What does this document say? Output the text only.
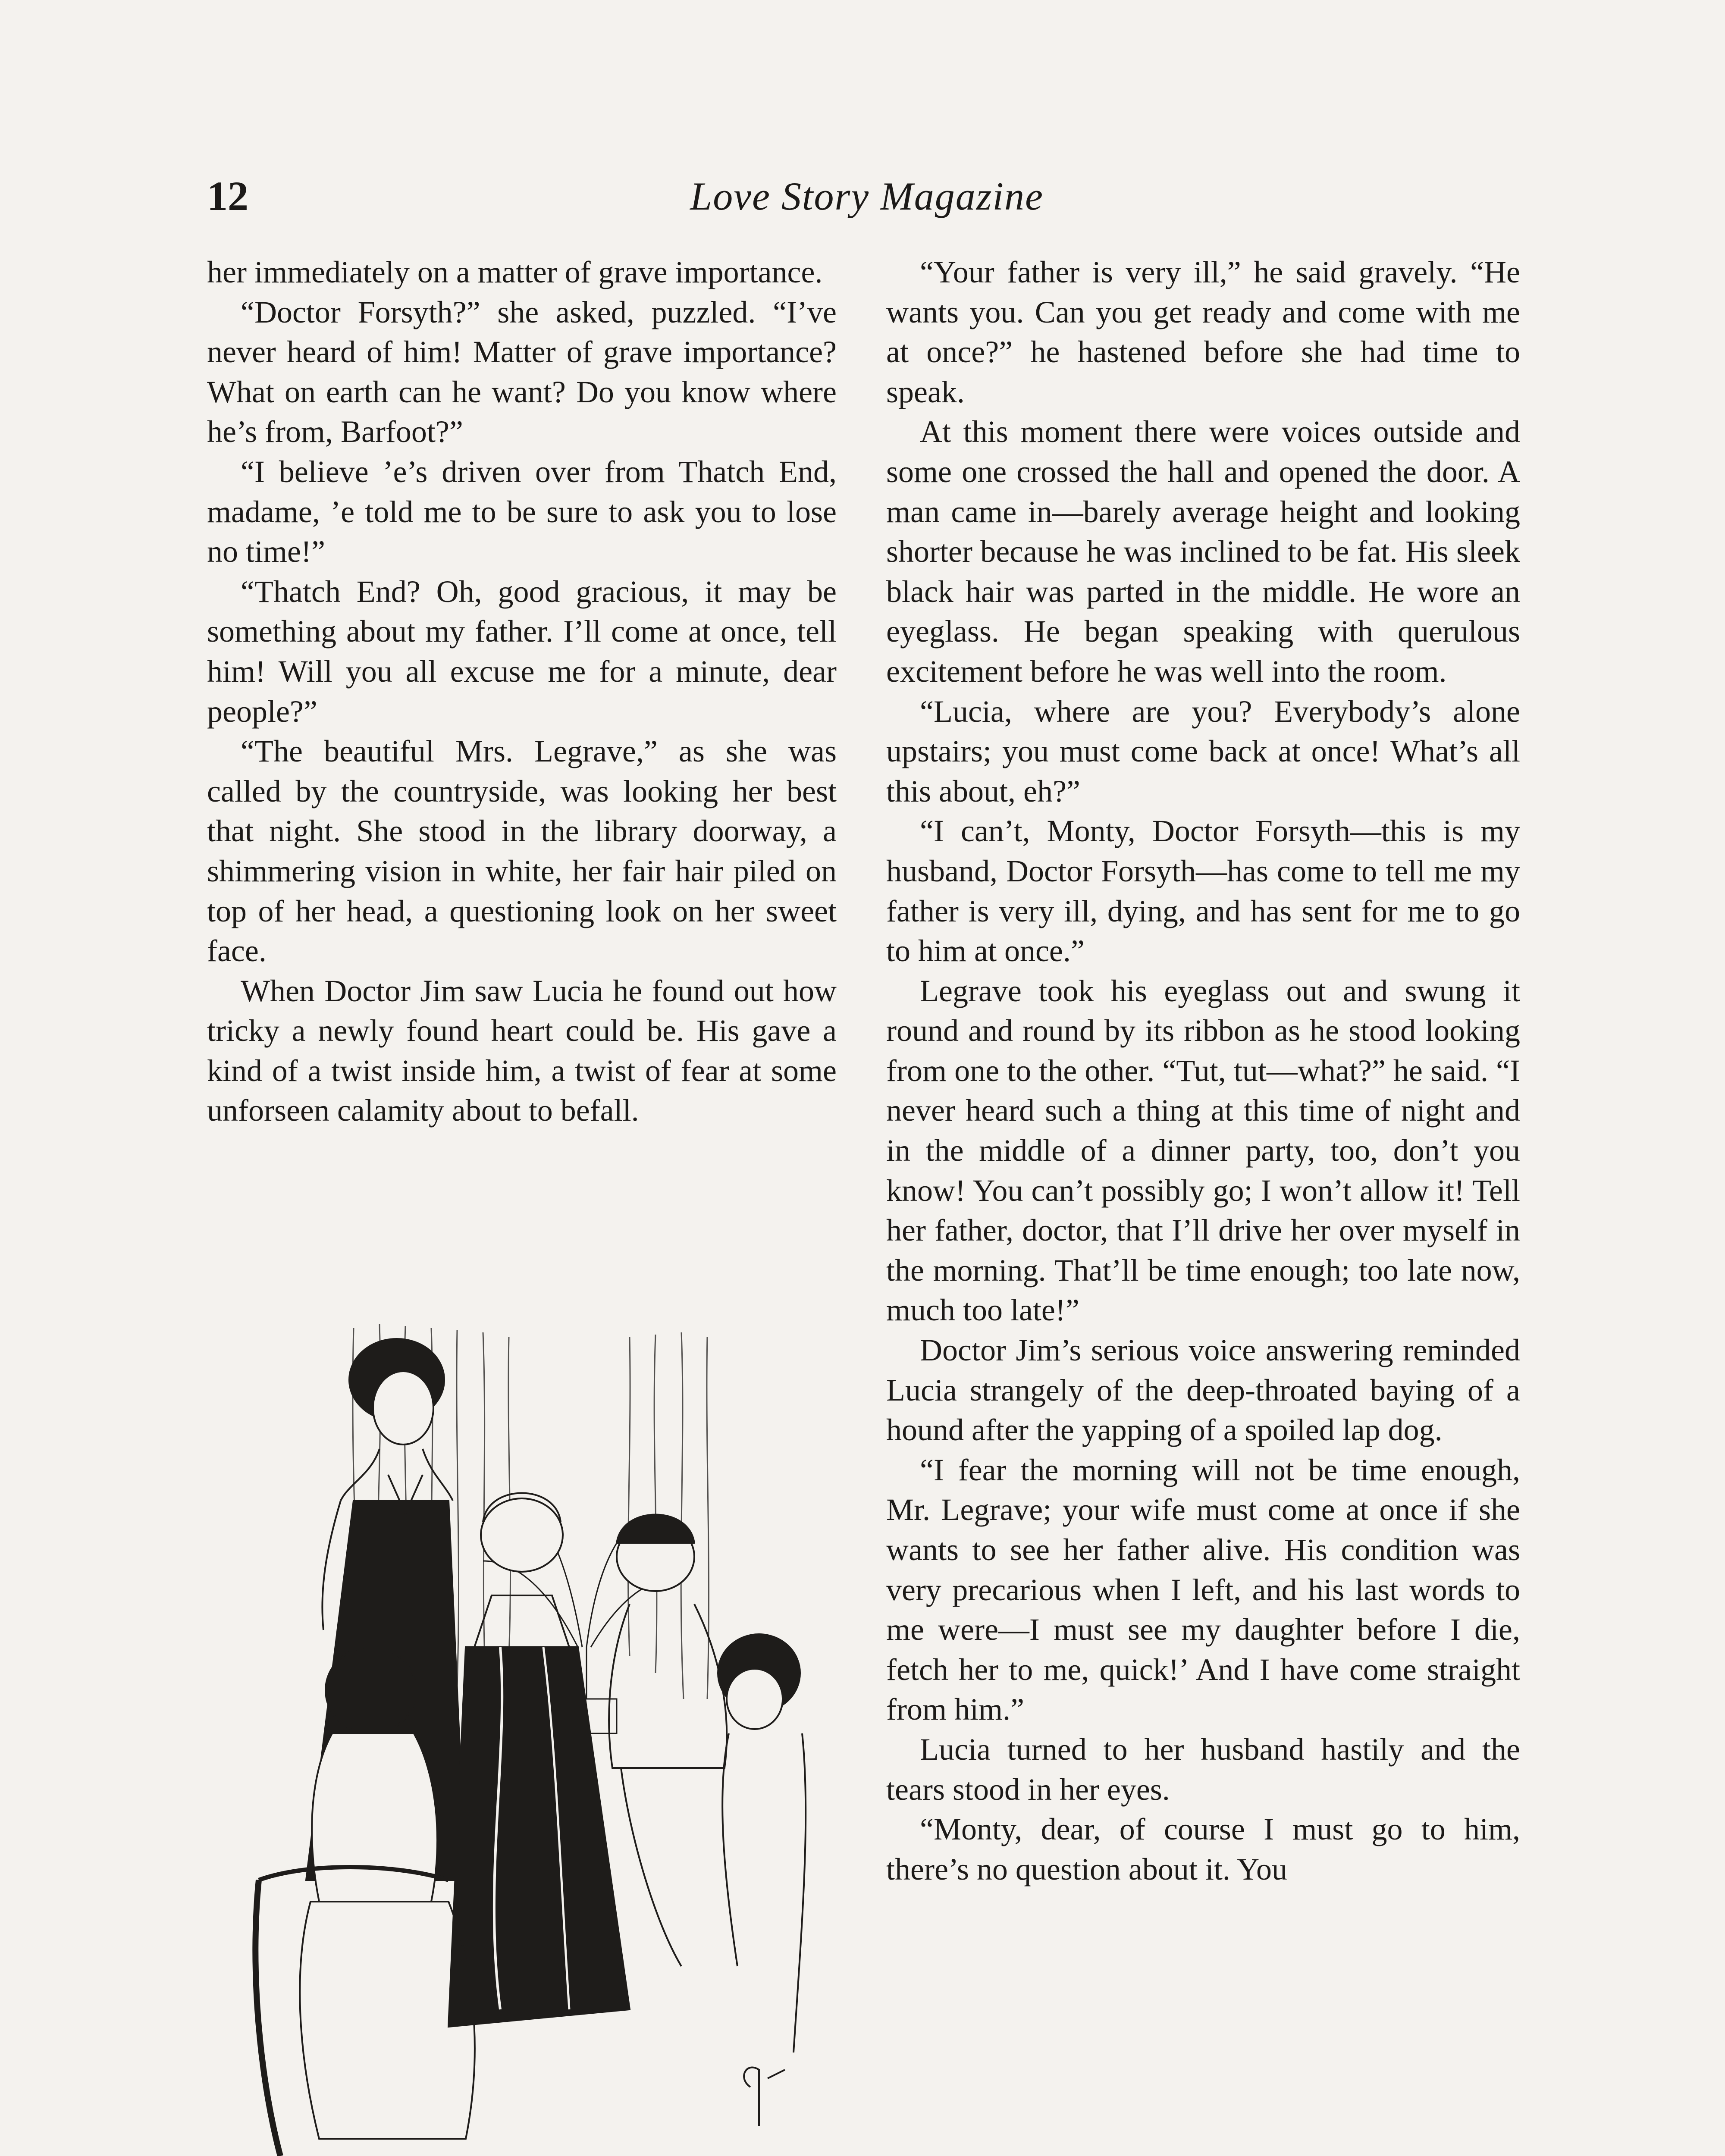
12	Love Story Magazine

her immediately on a matter of grave importance.

“Doctor Forsyth?” she asked, puzzled. “I’ve never heard of him! Matter of grave importance? What on earth can he want? Do you know where he’s from, Barfoot?”

“I believe ’e’s driven over from Thatch End, madame, ’e told me to be sure to ask you to lose no time!”

“Thatch End? Oh, good gracious, it may be something about my father. I’ll come at once, tell him! Will you all excuse me for a minute, dear people?”

“The beautiful Mrs. Legrave,” as she was called by the countryside, was looking her best that night. She stood in the library doorway, a shimmering vision in white, her fair hair piled on top of her head, a questioning look on her sweet face.

When Doctor Jim saw Lucia he found out how tricky a newly found heart could be. His gave a kind of a twist inside him, a twist of fear at some unforseen calamity about to befall.

“Your father is very ill,” he said gravely. “He wants you. Can you get ready and come with me at once?” he hastened before she had time to speak.

At this moment there were voices outside and some one crossed the hall and opened the door. A man came in—barely average height and looking shorter because he was inclined to be fat. His sleek black hair was parted in the middle. He wore an eyeglass. He began speaking with querulous excitement before he was well into the room.

“Lucia, where are you? Everybody’s alone upstairs; you must come back at once! What’s all this about, eh?”

“I can’t, Monty, Doctor Forsyth—this is my husband, Doctor Forsyth—has come to tell me my father is very ill, dying, and has sent for me to go to him at once.”

Legrave took his eyeglass out and swung it round and round by its ribbon as he stood looking from one to the other. “Tut, tut—what?” he said. “I never heard such a thing at this time of night and in the middle of a dinner party, too, don’t you know! You can’t possibly go; I won’t allow it! Tell her father, doctor, that I’ll drive her over myself in the morning. That’ll be time enough; too late now, much too late!”

Doctor Jim’s serious voice answering reminded Lucia strangely of the deep-throated baying of a hound after the yapping of a spoiled lap dog.

“I fear the morning will not be time enough, Mr. Legrave; your wife must come at once if she wants to see her father alive. His condition was very precarious when I left, and his last words to me were—I must see my daughter before I die, fetch her to me, quick!’ And I have come straight from him.”

Lucia turned to her husband hastily and the tears stood in her eyes.

“Monty, dear, of course I must go to him, there’s no question about it. You
